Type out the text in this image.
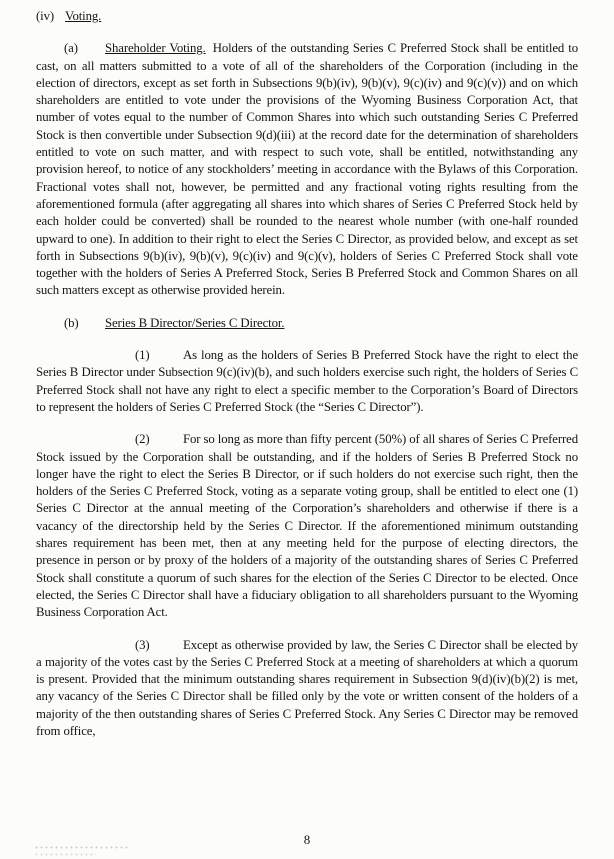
(iv) Voting.

(a) Shareholder Voting. Holders of the outstanding Series C Preferred Stock shall be entitled to cast, on all matters submitted to a vote of all of the shareholders of the Corporation (including in the election of directors, except as set forth in Subsections 9(b)(iv), 9(b)(v), 9(c)(iv) and 9(c)(v)) and on which shareholders are entitled to vote under the provisions of the Wyoming Business Corporation Act, that number of votes equal to the number of Common Shares into which such outstanding Series C Preferred Stock is then convertible under Subsection 9(d)(iii) at the record date for the determination of shareholders entitled to vote on such matter, and with respect to such vote, shall be entitled, notwithstanding any provision hereof, to notice of any stockholders’ meeting in accordance with the Bylaws of this Corporation. Fractional votes shall not, however, be permitted and any fractional voting rights resulting from the aforementioned formula (after aggregating all shares into which shares of Series C Preferred Stock held by each holder could be converted) shall be rounded to the nearest whole number (with one-half rounded upward to one). In addition to their right to elect the Series C Director, as provided below, and except as set forth in Subsections 9(b)(iv), 9(b)(v), 9(c)(iv) and 9(c)(v), holders of Series C Preferred Stock shall vote together with the holders of Series A Preferred Stock, Series B Preferred Stock and Common Shares on all such matters except as otherwise provided herein.

(b) Series B Director/Series C Director.

(1)	As long as the holders of Series B Preferred Stock have the right to elect the Series B Director under Subsection 9(c)(iv)(b), and such holders exercise such right, the holders of Series C Preferred Stock shall not have any right to elect a specific member to the Corporation’s Board of Directors to represent the holders of Series C Preferred Stock (the “Series C Director”).

(2)	For so long as more than fifty percent (50%) of all shares of Series C Preferred Stock issued by the Corporation shall be outstanding, and if the holders of Series B Preferred Stock no longer have the right to elect the Series B Director, or if such holders do not exercise such right, then the holders of the Series C Preferred Stock, voting as a separate voting group, shall be entitled to elect one (1) Series C Director at the annual meeting of the Corporation’s shareholders and otherwise if there is a vacancy of the directorship held by the Series C Director. If the aforementioned minimum outstanding shares requirement has been met, then at any meeting held for the purpose of electing directors, the presence in person or by proxy of the holders of a majority of the outstanding shares of Series C Preferred Stock shall constitute a quorum of such shares for the election of the Series C Director to be elected. Once elected, the Series C Director shall have a fiduciary obligation to all shareholders pursuant to the Wyoming Business Corporation Act.

(3)	Except as otherwise provided by law, the Series C Director shall be elected by a majority of the votes cast by the Series C Preferred Stock at a meeting of shareholders at which a quorum is present. Provided that the minimum outstanding shares requirement in Subsection 9(d)(iv)(b)(2) is met, any vacancy of the Series C Director shall be filled only by the vote or written consent of the holders of a majority of the then outstanding shares of Series C Preferred Stock. Any Series C Director may be removed from office,

8
